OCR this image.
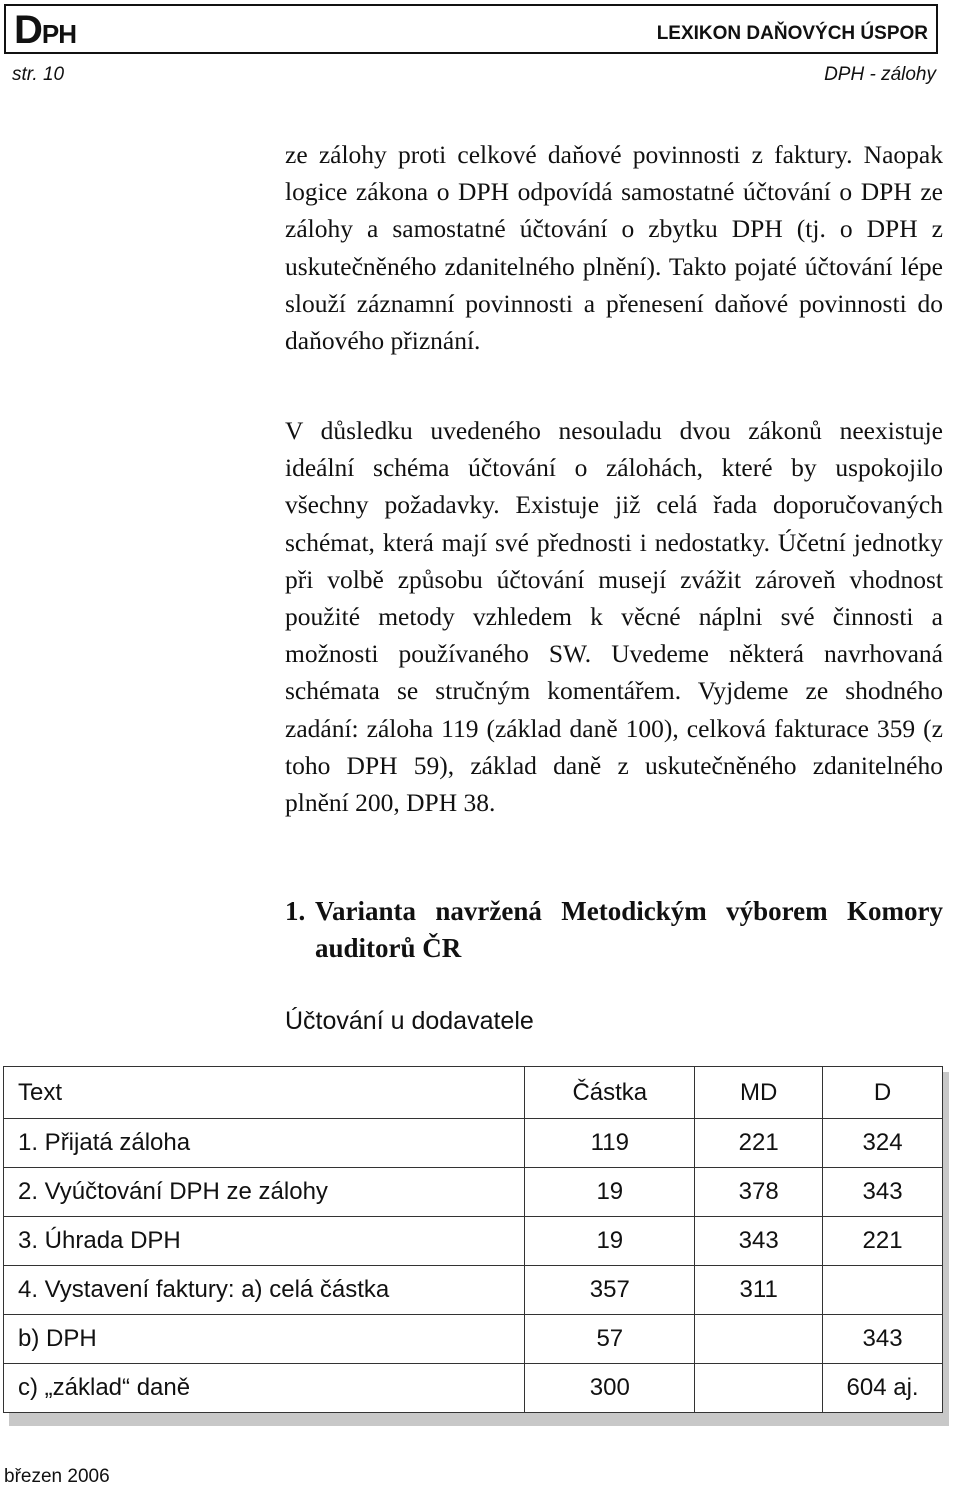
DPH	LEXIKON DAŇOVÝCH ÚSPOR
str. 10	DPH - zálohy
ze zálohy proti celkové daňové povinnosti z faktury. Naopak logice zákona o DPH odpovídá samostatné účtování o DPH ze zálohy a samostatné účtování o zbytku DPH (tj. o DPH z uskutečněného zdanitelného plnění). Takto pojaté účtování lépe slouží záznamní povinnosti a přenesení daňové povinnosti do daňového přiznání.
V důsledku uvedeného nesouladu dvou zákonů neexistuje ideální schéma účtování o zálohách, které by uspokojilo všechny požadavky. Existuje již celá řada doporučovaných schémat, která mají své přednosti i nedostatky. Účetní jednotky při volbě způsobu účtování musejí zvážit zároveň vhodnost použité metody vzhledem k věcné náplni své činnosti a možnosti používaného SW. Uvedeme některá navrhovaná schémata se stručným komentářem. Vyjdeme ze shodného zadání: záloha 119 (základ daně 100), celková fakturace 359 (z toho DPH 59), základ daně z uskutečněného zdanitelného plnění 200, DPH 38.
1. Varianta navržená Metodickým výborem Komory auditorů ČR
Účtování u dodavatele
Text	Částka	MD	D
1. Přijatá záloha	119	221	324
2. Vyúčtování DPH ze zálohy	19	378	343
3. Úhrada DPH	19	343	221
4. Vystavení faktury: a) celá částka	357	311	
b) DPH	57		343
c) „základ“ daně	300		604 aj.
březen 2006
